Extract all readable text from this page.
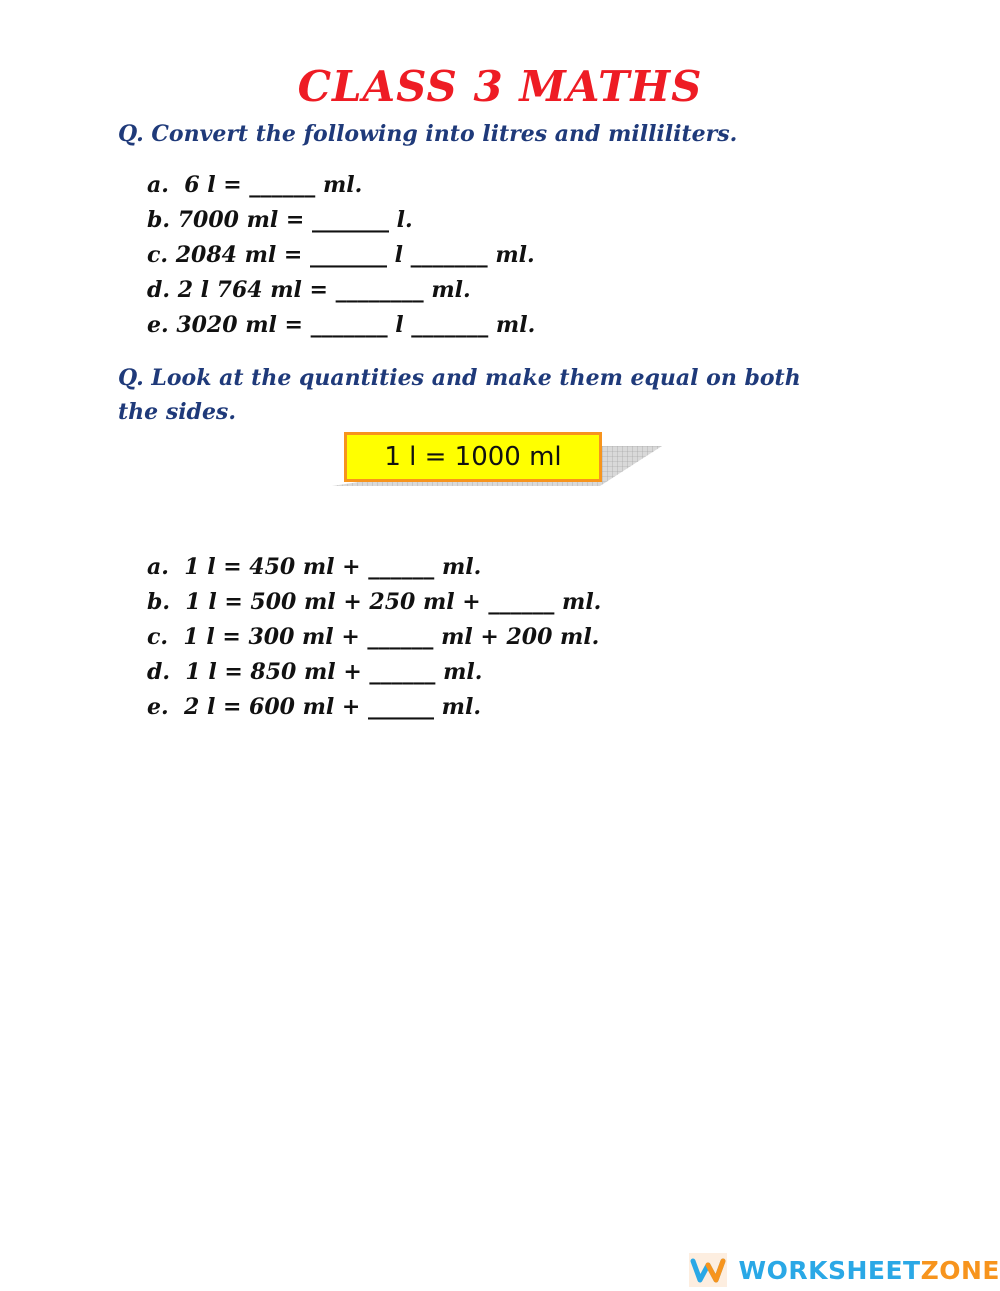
CLASS 3 MATHS
Q. Convert the following into litres and milliliters.
a.  6 l = ______ ml.
b. 7000 ml = _______ l.
c. 2084 ml = _______ l _______ ml.
d. 2 l 764 ml = ________ ml.
e. 3020 ml = _______ l _______ ml.
Q. Look at the quantities and make them equal on both the sides.
1 l = 1000 ml
a.  1 l = 450 ml + ______ ml.
b.  1 l = 500 ml + 250 ml + ______ ml.
c.  1 l = 300 ml + ______ ml + 200 ml.
d.  1 l = 850 ml + ______ ml.
e.  2 l = 600 ml + ______ ml.
WORKSHEETZONE
